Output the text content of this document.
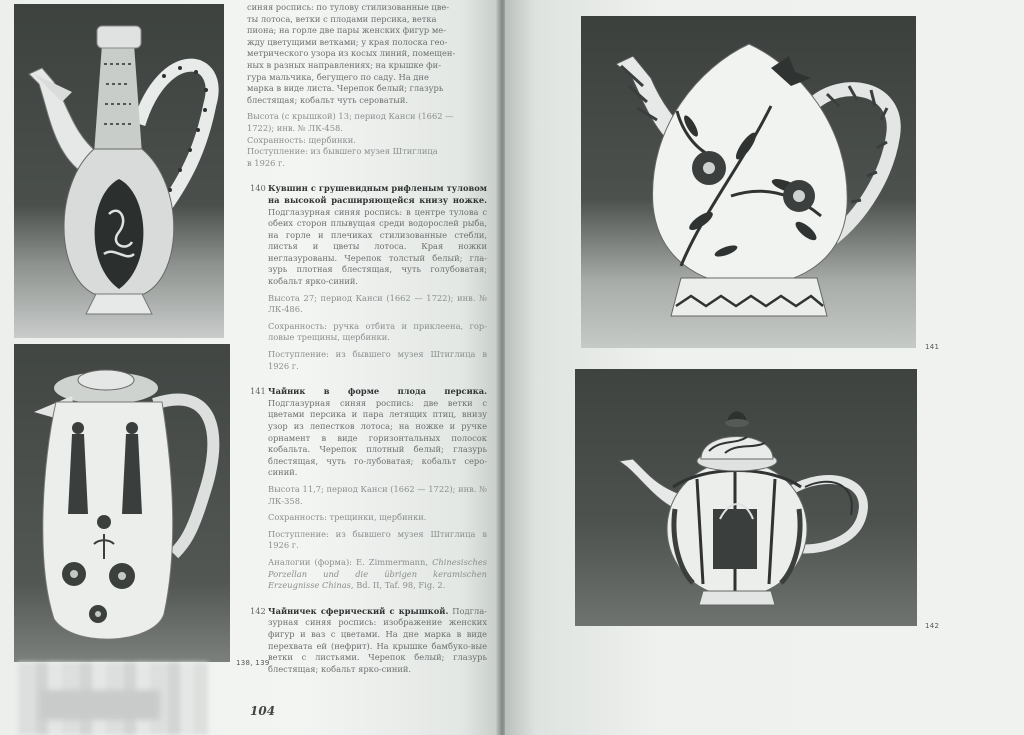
138, 139

синяя роспись: по тулову стилизованные цве-
ты лотоса, ветки с плодами персика, ветка
пиона; на горле две пары женских фигур ме-
жду цветущими ветками; у края полоска гео-
метрического узора из косых линий, помещен-
ных в разных направлениях; на крышке фи-
гура мальчика, бегущего по саду. На дне
марка в виде листа. Черепок белый; глазурь
блестящая; кобальт чуть сероватый.

Высота (с крышкой) 13; период Канси (1662 —
1722); инв. № ЛК-458.
Сохранность: щербинки.
Поступление: из бывшего музея Штиглица
в 1926 г.

140 Кувшин с грушевидным рифленым туловом на высокой расширяющейся книзу ножке. Подглазурная синяя роспись: в центре тулова с обеих сторон плывущая среди водорослей рыба, на горле и плечиках стилизованные стебли, листья и цветы лотоса. Края ножки неглазурованы. Черепок толстый белый; гла-зурь плотная блестящая, чуть голубоватая; кобальт ярко-синий.

Высота 27; период Канси (1662 — 1722); инв. № ЛК-486.

Сохранность: ручка отбита и приклеена, гор-ловые трещины, щербинки.

Поступление: из бывшего музея Штиглица в 1926 г.

141 Чайник в форме плода персика. Подглазурная синяя роспись: две ветки с цветами персика и пара летящих птиц, внизу узор из лепестков лотоса; на ножке и ручке орнамент в виде горизонтальных полосок кобальта. Черепок плотный белый; глазурь блестящая, чуть го-лубоватая; кобальт серо-синий.

Высота 11,7; период Канси (1662 — 1722); инв. № ЛК-358.

Сохранность: трещинки, щербинки.

Поступление: из бывшего музея Штиглица в 1926 г.

Аналогии (форма): E. Zimmermann, Chinesisches Porzellan und die übrigen keramischen Erzeugnisse Chinas, Bd. II, Taf. 98, Fig. 2.

142 Чайничек сферический с крышкой. Подгла-зурная синяя роспись: изображение женских фигур и ваз с цветами. На дне марка в виде перехвата ей (нефрит). На крышке бамбуко-вые ветки с листьями. Черепок белый; глазурь блестящая; кобальт ярко-синий.

104
141
142
